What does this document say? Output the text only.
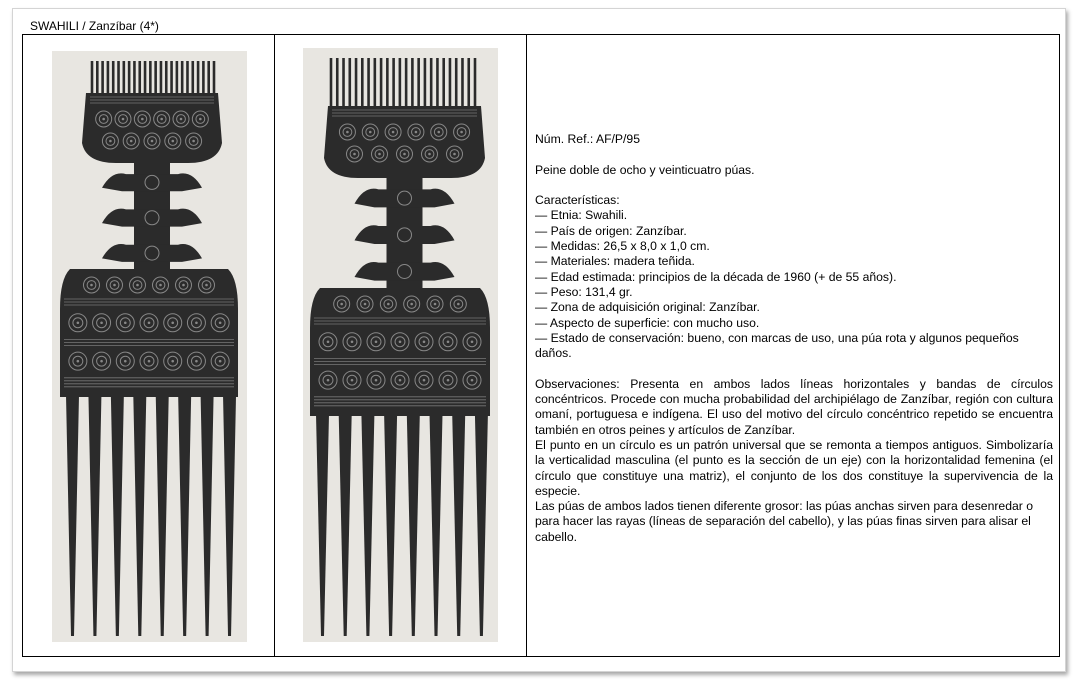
SWAHILI / Zanzíbar (4*)

Núm. Ref.: AF/P/95

Peine doble de ocho y veinticuatro púas.

Características:

— Etnia: Swahili.

— País de origen: Zanzíbar.

— Medidas: 26,5 x 8,0 x 1,0 cm.

— Materiales: madera teñida.

— Edad estimada: principios de la década de 1960 (+ de 55 años).

— Peso: 131,4 gr.

— Zona de adquisición original: Zanzíbar.

— Aspecto de superficie: con mucho uso.

— Estado de conservación: bueno, con marcas de uso, una púa rota y algunos pequeños daños.

Observaciones: Presenta en ambos lados líneas horizontales y bandas de círculos concéntricos. Procede con mucha probabilidad del archipiélago de Zanzíbar, región con cultura omaní, portuguesa e indígena. El uso del motivo del círculo concéntrico repetido se encuentra también en otros peines y artículos de Zanzíbar.

El punto en un círculo es un patrón universal que se remonta a tiempos antiguos. Simbolizaría la verticalidad masculina (el punto es la sección de un eje) con la horizontalidad femenina (el círculo que constituye una matriz), el conjunto de los dos constituye la supervivencia de la especie.

Las púas de ambos lados tienen diferente grosor: las púas anchas sirven para desenredar o para hacer las rayas (líneas de separación del cabello), y las púas finas sirven para alisar el cabello.
